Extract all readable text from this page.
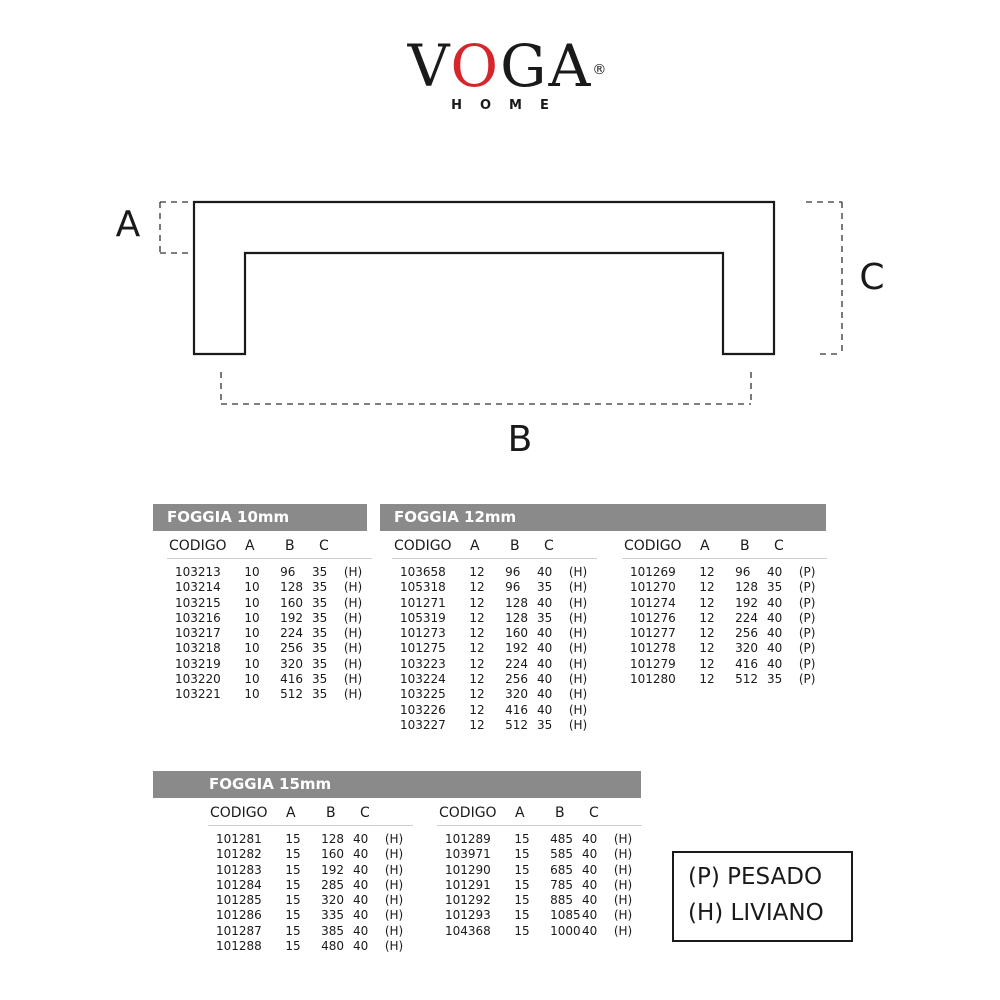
VOGA ®
HOME
A
B
C
FOGGIA 10mm	FOGGIA 12mm
FOGGIA 15mm
CODIGO	A	B	C
103213	10	96	35	(H)
103214	10	128 35	(H)
103215	10	160 35	(H)
103216	10	192 35	(H)
103217	10	224 35	(H)
103218	10	256 35	(H)
103219	10	320 35	(H)
103220	10	416 35	(H)
103221	10	512 35	(H)
CODIGO	A	B	C
103658	12	96	40	(H)
105318	12	96	35	(H)
101271	12	128 40	(H)
105319	12	128 35	(H)
101273	12	160 40	(H)
101275	12	192 40	(H)
103223	12	224 40	(H)
103224	12	256 40	(H)
103225	12	320 40	(H)
103226	12	416 40	(H)
103227	12	512 35	(H)
CODIGO	A	B	C
101269	12	96	40	(P)
101270	12	128 35	(P)
101274	12	192 40	(P)
101276	12	224 40	(P)
101277	12	256 40	(P)
101278	12	320 40	(P)
101279	12	416 40	(P)
101280	12	512 35	(P)
CODIGO	A	B	C
101281	15	128 40	(H)
101282	15	160 40	(H)
101283	15	192 40	(H)
101284	15	285 40	(H)
101285	15	320 40	(H)
101286	15	335 40	(H)
101287	15	385 40	(H)
101288	15	480 40	(H)
CODIGO	A	B	C
101289	15	485 40	(H)
103971	15	585 40	(H)
101290	15	685 40	(H)
101291	15	785 40	(H)
101292	15	885 40	(H)
101293	15	1085 40	(H)
104368	15	1000 40	(H)
(P) PESADO
(H) LIVIANO
